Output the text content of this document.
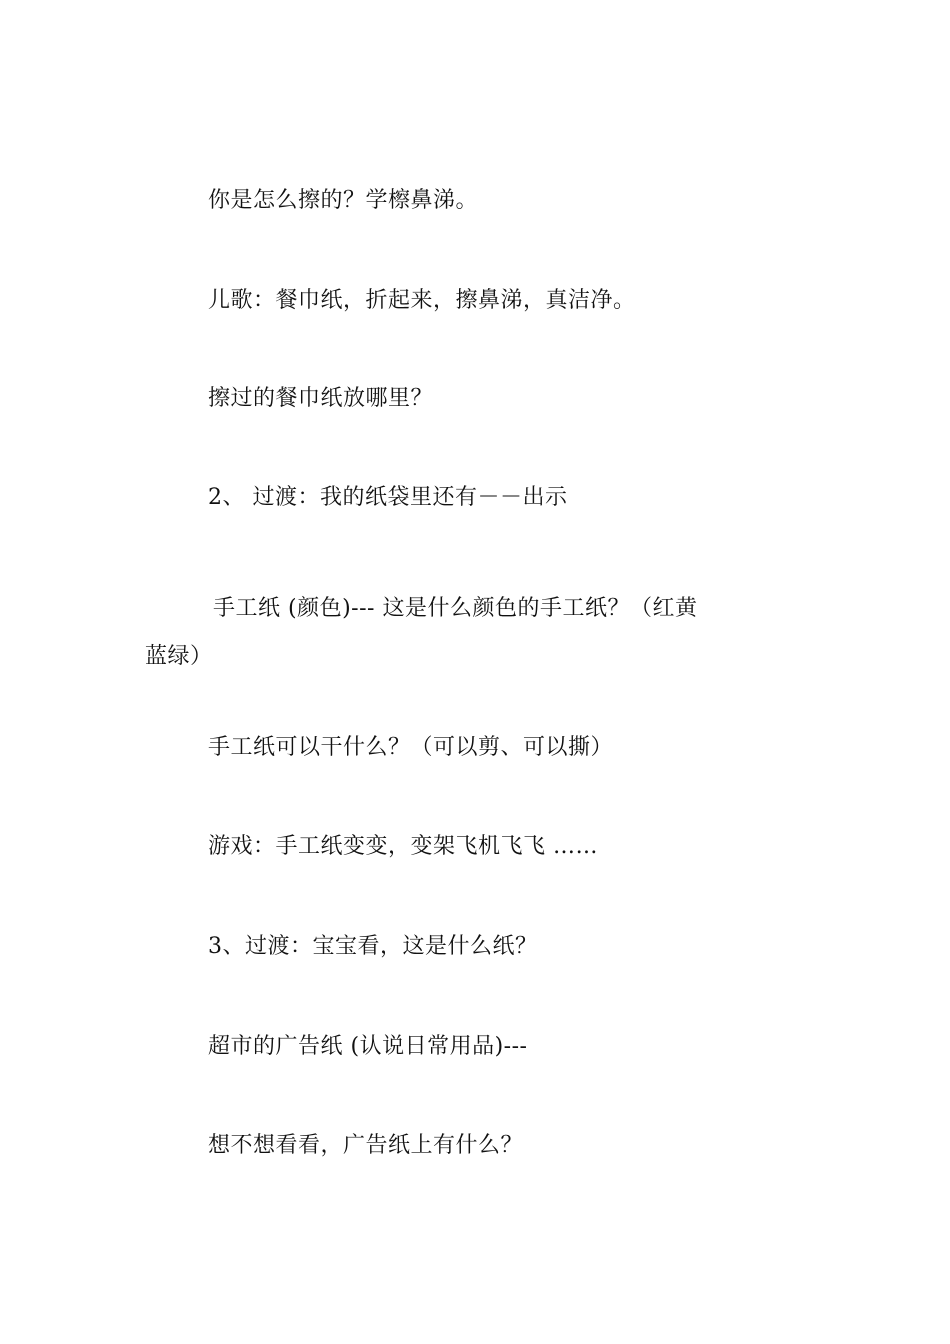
你是怎么擦的？学檫鼻涕。
儿歌：餐巾纸，折起来，擦鼻涕，真洁净。
擦过的餐巾纸放哪里？
2、 过渡：我的纸袋里还有－－出示
手工纸 (颜色)--- 这是什么颜色的手工纸？（红黄
蓝绿）
手工纸可以干什么？（可以剪、可以撕）
游戏：手工纸变变，变架飞机飞飞 ……
3、过渡：宝宝看，这是什么纸？
超市的广告纸 (认说日常用品)---
想不想看看，广告纸上有什么？
